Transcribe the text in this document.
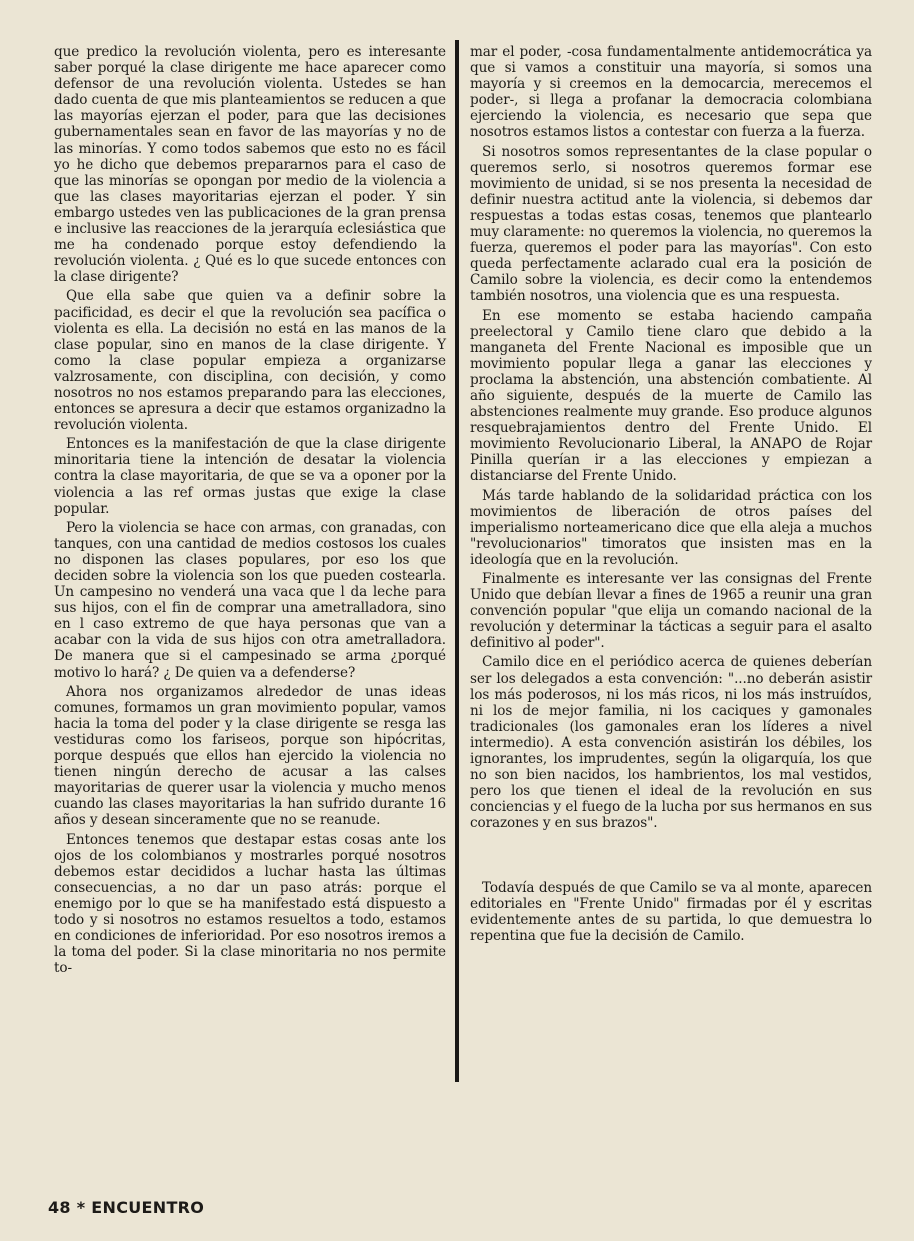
que predico la revolución violenta, pero es interesante saber porqué la clase dirigente me hace aparecer como defensor de una revolución violenta. Ustedes se han dado cuenta de que mis planteamientos se reducen a que las mayorías ejerzan el poder, para que las decisiones gubernamentales sean en favor de las mayorías y no de las minorías. Y como todos sabemos que esto no es fácil yo he dicho que debemos prepararnos para el caso de que las minorías se opongan por medio de la violencia a que las clases mayoritarias ejerzan el poder. Y sin embargo ustedes ven las publicaciones de la gran prensa e inclusive las reacciones de la jerarquía eclesiástica que me ha condenado porque estoy defendiendo la revolución violenta. ¿ Qué es lo que sucede entonces con la clase dirigente?

Que ella sabe que quien va a definir sobre la pacificidad, es decir el que la revolución sea pacífica o violenta es ella. La decisión no está en las manos de la clase popular, sino en manos de la clase dirigente. Y como la clase popular empieza a organizarse valzrosamente, con disciplina, con decisión, y como nosotros no nos estamos preparando para las elecciones, entonces se apresura a decir que estamos organizadno la revolución violenta.

Entonces es la manifestación de que la clase dirigente minoritaria tiene la intención de desatar la violencia contra la clase mayoritaria, de que se va a oponer por la violencia a las ref ormas justas que exige la clase popular.

Pero la violencia se hace con armas, con granadas, con tanques, con una cantidad de medios costosos los cuales no disponen las clases populares, por eso los que deciden sobre la violencia son los que pueden costearla. Un campesino no venderá una vaca que l da leche para sus hijos, con el fin de comprar una ametralladora, sino en l caso extremo de que haya personas que van a acabar con la vida de sus hijos con otra ametralladora. De manera que si el campesinado se arma ¿porqué motivo lo hará? ¿ De quien va a defenderse?

Ahora nos organizamos alrededor de unas ideas comunes, formamos un gran movimiento popular, vamos hacia la toma del poder y la clase dirigente se resga las vestiduras como los fariseos, porque son hipócritas, porque después que ellos han ejercido la violencia no tienen ningún derecho de acusar a las calses mayoritarias de querer usar la violencia y mucho menos cuando las clases mayoritarias la han sufrido durante 16 años y desean sinceramente que no se reanude.

Entonces tenemos que destapar estas cosas ante los ojos de los colombianos y mostrarles porqué nosotros debemos estar decididos a luchar hasta las últimas consecuencias, a no dar un paso atrás: porque el enemigo por lo que se ha manifestado está dispuesto a todo y si nosotros no estamos resueltos a todo, estamos en condiciones de inferioridad. Por eso nosotros iremos a la toma del poder. Si la clase minoritaria no nos permite to-

mar el poder, -cosa fundamentalmente antidemocrática ya que si vamos a constituir una mayoría, si somos una mayoría y si creemos en la democarcia, merecemos el poder-, si llega a profanar la democracia colombiana ejerciendo la violencia, es necesario que sepa que nosotros estamos listos a contestar con fuerza a la fuerza.

Si nosotros somos representantes de la clase popular o queremos serlo, si nosotros queremos formar ese movimiento de unidad, si se nos presenta la necesidad de definir nuestra actitud ante la violencia, si debemos dar respuestas a todas estas cosas, tenemos que plantearlo muy claramente: no queremos la violencia, no queremos la fuerza, queremos el poder para las mayorías". Con esto queda perfectamente aclarado cual era la posición de Camilo sobre la violencia, es decir como la entendemos también nosotros, una violencia que es una respuesta.

En ese momento se estaba haciendo campaña preelectoral y Camilo tiene claro que debido a la manganeta del Frente Nacional es imposible que un movimiento popular llega a ganar las elecciones y proclama la abstención, una abstención combatiente. Al año siguiente, después de la muerte de Camilo las abstenciones realmente muy grande. Eso produce algunos resquebrajamientos dentro del Frente Unido. El movimiento Revolucionario Liberal, la ANAPO de Rojar Pinilla querían ir a las elecciones y empiezan a distanciarse del Frente Unido.

Más tarde hablando de la solidaridad práctica con los movimientos de liberación de otros países del imperialismo norteamericano dice que ella aleja a muchos "revolucionarios" timoratos que insisten mas en la ideología que en la revolución.

Finalmente es interesante ver las consignas del Frente Unido que debían llevar a fines de 1965 a reunir una gran convención popular "que elija un comando nacional de la revolución y determinar la tácticas a seguir para el asalto definitivo al poder".

Camilo dice en el periódico acerca de quienes deberían ser los delegados a esta convención: "...no deberán asistir los más poderosos, ni los más ricos, ni los más instruídos, ni los de mejor familia, ni los caciques y gamonales tradicionales (los gamonales eran los líderes a nivel intermedio). A esta convención asistirán los débiles, los ignorantes, los imprudentes, según la oligarquía, los que no son bien nacidos, los hambrientos, los mal vestidos, pero los que tienen el ideal de la revolución en sus conciencias y el fuego de la lucha por sus hermanos en sus corazones y en sus brazos".

Todavía después de que Camilo se va al monte, aparecen editoriales en "Frente Unido" firmadas por él y escritas evidentemente antes de su partida, lo que demuestra lo repentina que fue la decisión de Camilo.

48 * ENCUENTRO
